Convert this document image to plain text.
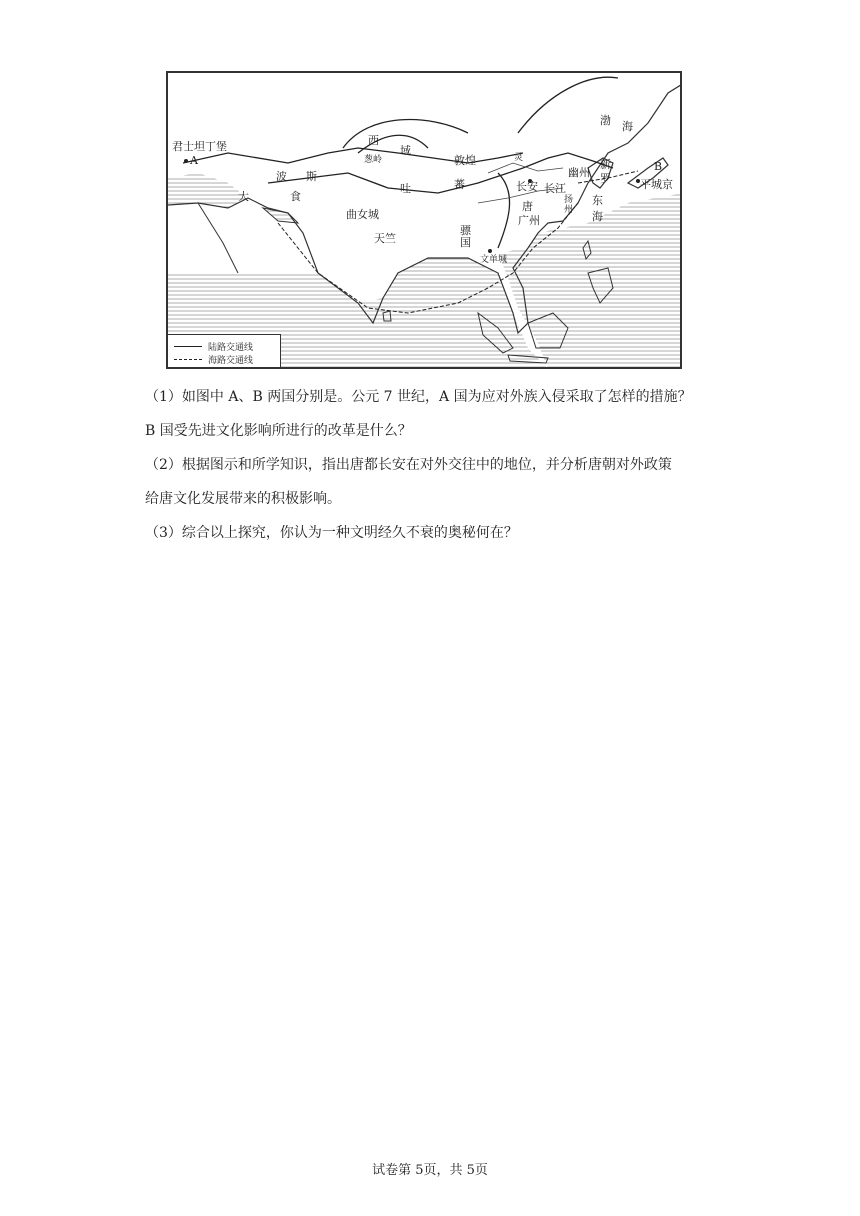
君士坦丁堡
A	B
渤 海
西
域
葱岭	敦煌
波 斯
大	食
吐	蕃
灵
长安 长江
唐
广州
幽州
新
罗
扬州
东
海
平城京
曲女城
天竺
骠国
文单城
陆路交通线
海路交通线
（1）如图中 A、B 两国分别是。公元 7 世纪，A 国为应对外族入侵采取了怎样的措施？
B 国受先进文化影响所进行的改革是什么？
（2）根据图示和所学知识，指出唐都长安在对外交往中的地位，并分析唐朝对外政策
给唐文化发展带来的积极影响。
（3）综合以上探究，你认为一种文明经久不衰的奥秘何在？
试卷第 5页，共 5页
